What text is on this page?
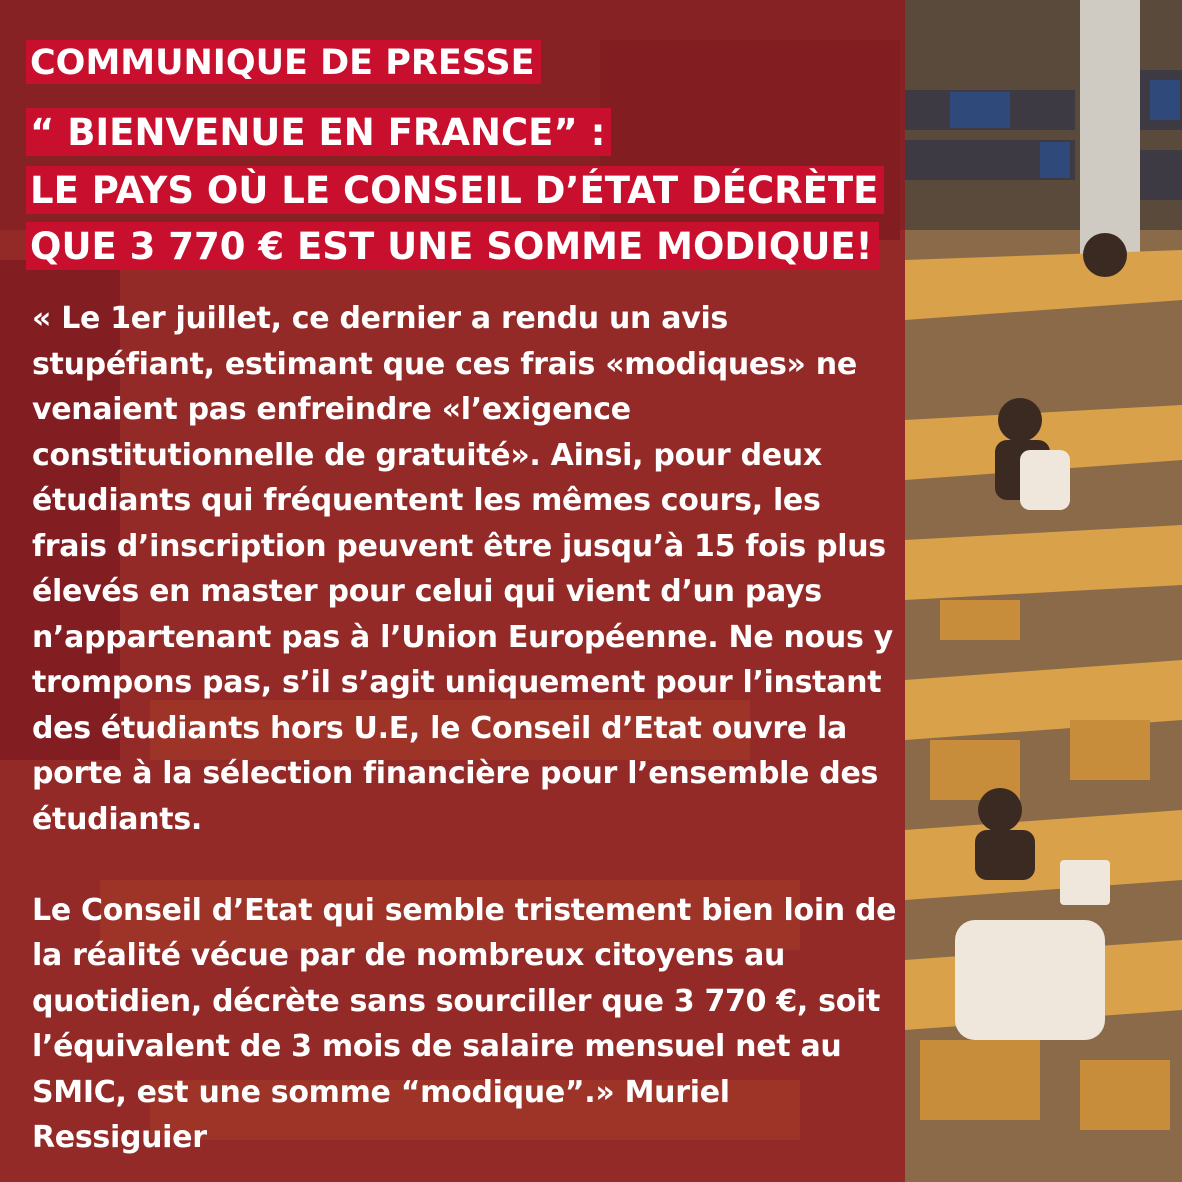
COMMUNIQUE DE PRESSE
“ BIENVENUE EN FRANCE” :
LE PAYS OÙ LE CONSEIL D’ÉTAT DÉCRÈTE
QUE 3 770 € EST UNE SOMME MODIQUE!

« Le 1er juillet, ce dernier a rendu un avis stupéfiant, estimant que ces frais «modiques» ne venaient pas enfreindre «l’exigence constitutionnelle de gratuité». Ainsi, pour deux étudiants qui fréquentent les mêmes cours, les frais d’inscription peuvent être jusqu’à 15 fois plus élevés en master pour celui qui vient d’un pays n’appartenant pas à l’Union Européenne. Ne nous y trompons pas, s’il s’agit uniquement pour l’instant des étudiants hors U.E, le Conseil d’Etat ouvre la porte à la sélection financière pour l’ensemble des étudiants.

Le Conseil d’Etat qui semble tristement bien loin de la réalité vécue par de nombreux citoyens au quotidien, décrète sans sourciller que 3 770 €, soit l’équivalent de 3 mois de salaire mensuel net au SMIC, est une somme “modique”.» Muriel Ressiguier
